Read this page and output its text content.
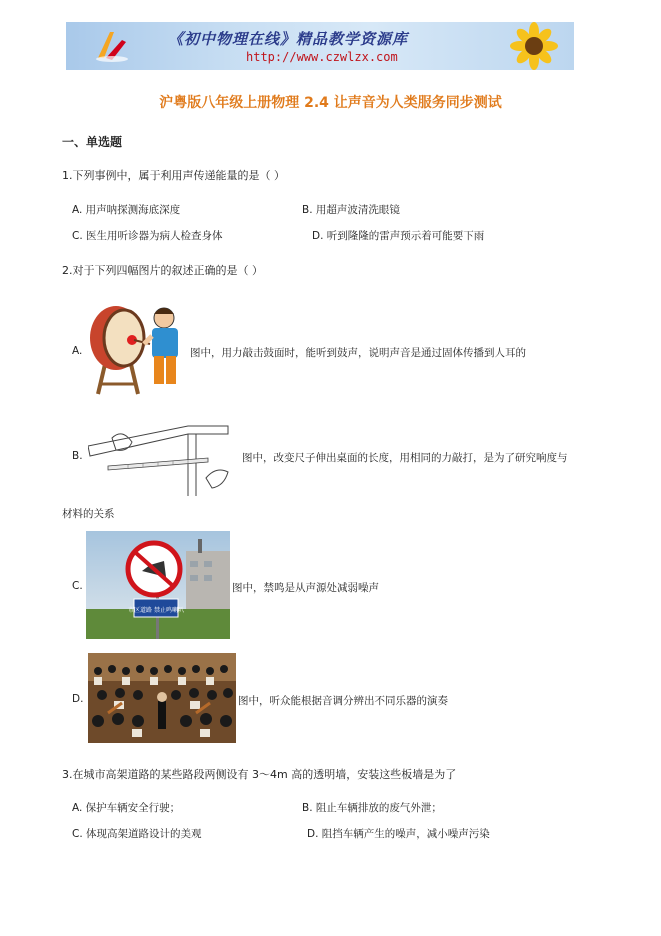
《初中物理在线》精品教学资源库
http://www.czwlzx.com
沪粤版八年级上册物理 2.4 让声音为人类服务同步测试
一、单选题
1.下列事例中，属于利用声传递能量的是（ ）
A. 用声呐探测海底深度	B. 用超声波清洗眼镜
C. 医生用听诊器为病人检查身体	D. 听到隆隆的雷声预示着可能要下雨
2.对于下列四幅图片的叙述正确的是（ ）
A.	图中，用力敲击鼓面时，能听到鼓声，说明声音是通过固体传播到人耳的
B.	图中，改变尺子伸出桌面的长度，用相同的力敲打，是为了研究响度与
材料的关系
C.
市区道路 禁止鸣喇叭
图中，禁鸣是从声源处减弱噪声
D.	图中，听众能根据音调分辨出不同乐器的演奏
3.在城市高架道路的某些路段两侧设有 3～4m 高的透明墙，安装这些板墙是为了
A. 保护车辆安全行驶；	B. 阻止车辆排放的废气外泄；
C. 体现高架道路设计的美观	D. 阻挡车辆产生的噪声，减小噪声污染
